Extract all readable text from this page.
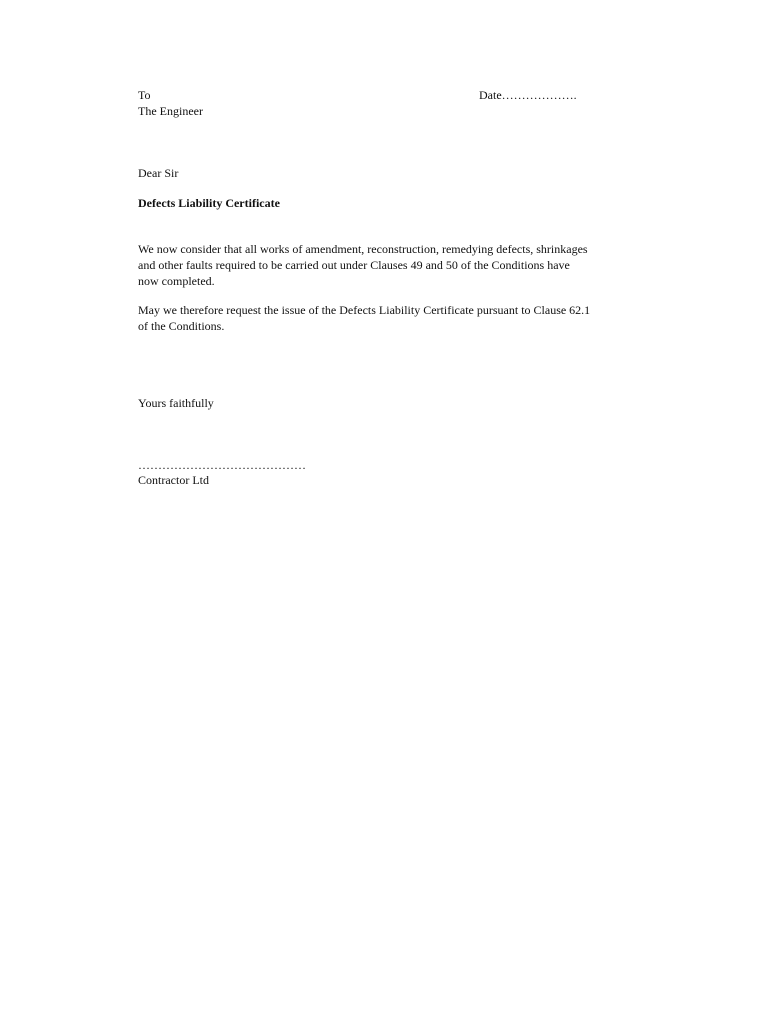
To	Date……………….

The Engineer

Dear Sir

Defects Liability Certificate

We now consider that all works of amendment, reconstruction, remedying defects, shrinkages
and other faults required to be carried out under Clauses 49 and 50 of the Conditions have
now completed.
May we therefore request the issue of the Defects Liability Certificate pursuant to Clause 62.1
of the Conditions.

Yours faithfully

……………………………………

Contractor Ltd
